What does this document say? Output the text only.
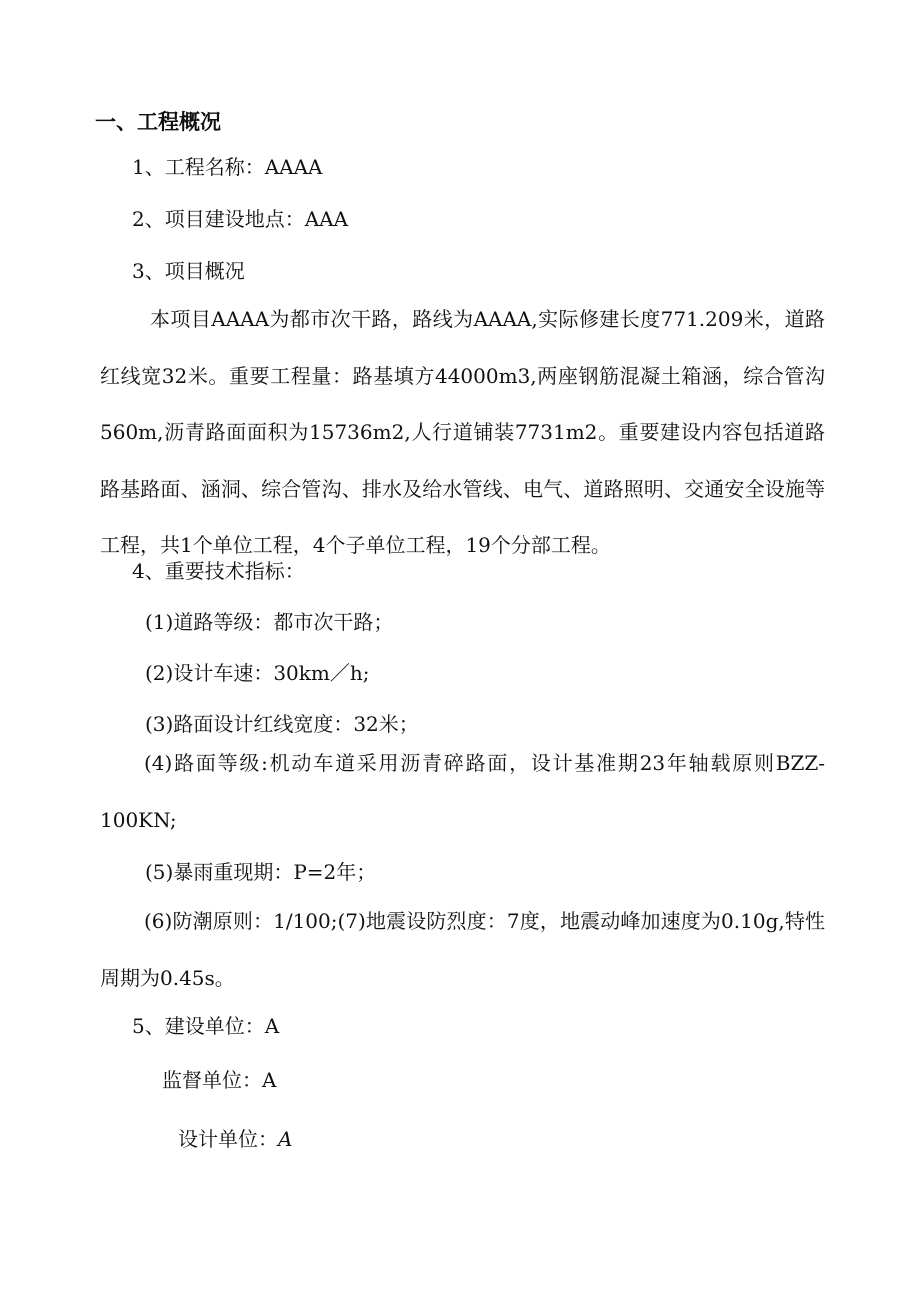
一、工程概况
1、工程名称：AAAA
2、项目建设地点：AAA
3、项目概况
本项目AAAA为都市次干路，路线为AAAA,实际修建长度771.209米，道路红线宽32米。重要工程量：路基填方44000m3,两座钢筋混凝土箱涵，综合管沟560m,沥青路面面积为15736m2,人行道铺装7731m2。重要建设内容包括道路路基路面、涵洞、综合管沟、排水及给水管线、电气、道路照明、交通安全设施等工程，共1个单位工程，4个子单位工程，19个分部工程。
4、重要技术指标：
(1)道路等级：都市次干路；
(2)设计车速：30km／h;
(3)路面设计红线宽度：32米；
(4)路面等级:机动车道采用沥青碎路面，设计基准期23年轴载原则BZZ-100KN;
(5)暴雨重现期：P=2年；
(6)防潮原则：1/100;(7)地震设防烈度：7度，地震动峰加速度为0.10g,特性周期为0.45s。
5、建设单位：A
监督单位：A
设计单位：A
